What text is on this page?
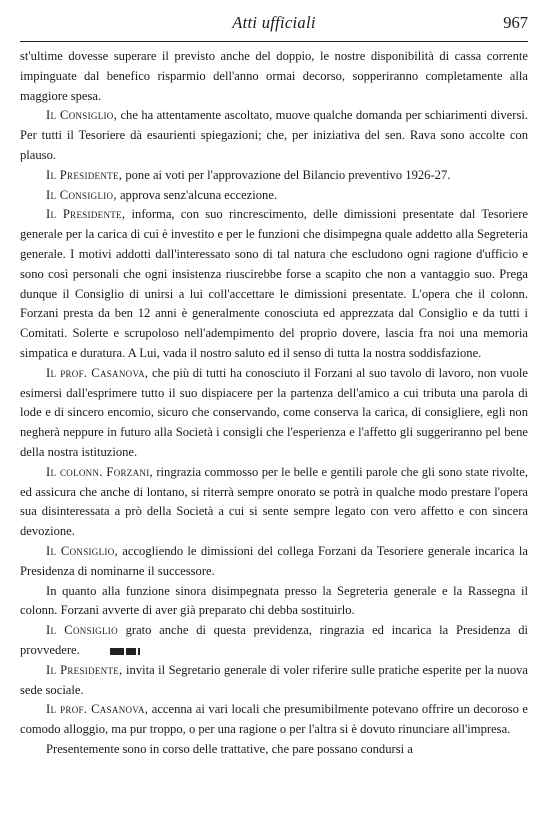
Atti ufficiali	967

st'ultime dovesse superare il previsto anche del doppio, le nostre disponibilità di cassa corrente impinguate dal benefico risparmio dell'anno ormai decorso, sopperiranno completamente alla maggiore spesa.

Il Consiglio, che ha attentamente ascoltato, muove qualche domanda per schiarimenti diversi. Per tutti il Tesoriere dà esaurienti spiegazioni; che, per iniziativa del sen. Rava sono accolte con plauso.

Il Presidente, pone ai voti per l'approvazione del Bilancio preventivo 1926-27.

Il Consiglio, approva senz'alcuna eccezione.

Il Presidente, informa, con suo rincrescimento, delle dimissioni presentate dal Tesoriere generale per la carica di cui è investito e per le funzioni che disimpegna quale addetto alla Segreteria generale. I motivi addotti dall'interessato sono di tal natura che escludono ogni ragione d'ufficio e sono così personali che ogni insistenza riuscirebbe forse a scapito che non a vantaggio suo. Prega dunque il Consiglio di unirsi a lui coll'accettare le dimissioni presentate. L'opera che il colonn. Forzani presta da ben 12 anni è generalmente conosciuta ed apprezzata dal Consiglio e da tutti i Comitati. Solerte e scrupoloso nell'adempimento del proprio dovere, lascia fra noi una memoria simpatica e duratura. A Lui, vada il nostro saluto ed il senso di tutta la nostra soddisfazione.

Il prof. Casanova, che più di tutti ha conosciuto il Forzani al suo tavolo di lavoro, non vuole esimersi dall'esprimere tutto il suo dispiacere per la partenza dell'amico a cui tributa una parola di lode e di sincero encomio, sicuro che conservando, come conserva la carica, di consigliere, egli non negherà neppure in futuro alla Società i consigli che l'esperienza e l'affetto gli suggeriranno pel bene della nostra istituzione.

Il colonn. Forzani, ringrazia commosso per le belle e gentili parole che gli sono state rivolte, ed assicura che anche di lontano, si riterrà sempre onorato se potrà in qualche modo prestare l'opera sua disinteressata a prò della Società a cui si sente sempre legato con vero affetto e con sincera devozione.

Il Consiglio, accogliendo le dimissioni del collega Forzani da Tesoriere generale incarica la Presidenza di nominarne il successore.

In quanto alla funzione sinora disimpegnata presso la Segreteria generale e la Rassegna il colonn. Forzani avverte di aver già preparato chi debba sostituirlo.

Il Consiglio grato anche di questa previdenza, ringrazia ed incarica la Presidenza di provvedere.

Il Presidente, invita il Segretario generale di voler riferire sulle pratiche esperite per la nuova sede sociale.

Il prof. Casanova, accenna ai vari locali che presumibilmente potevano offrire un decoroso e comodo alloggio, ma pur troppo, o per una ragione o per l'altra si è dovuto rinunciare all'impresa.

Presentemente sono in corso delle trattative, che pare possano condursi a
